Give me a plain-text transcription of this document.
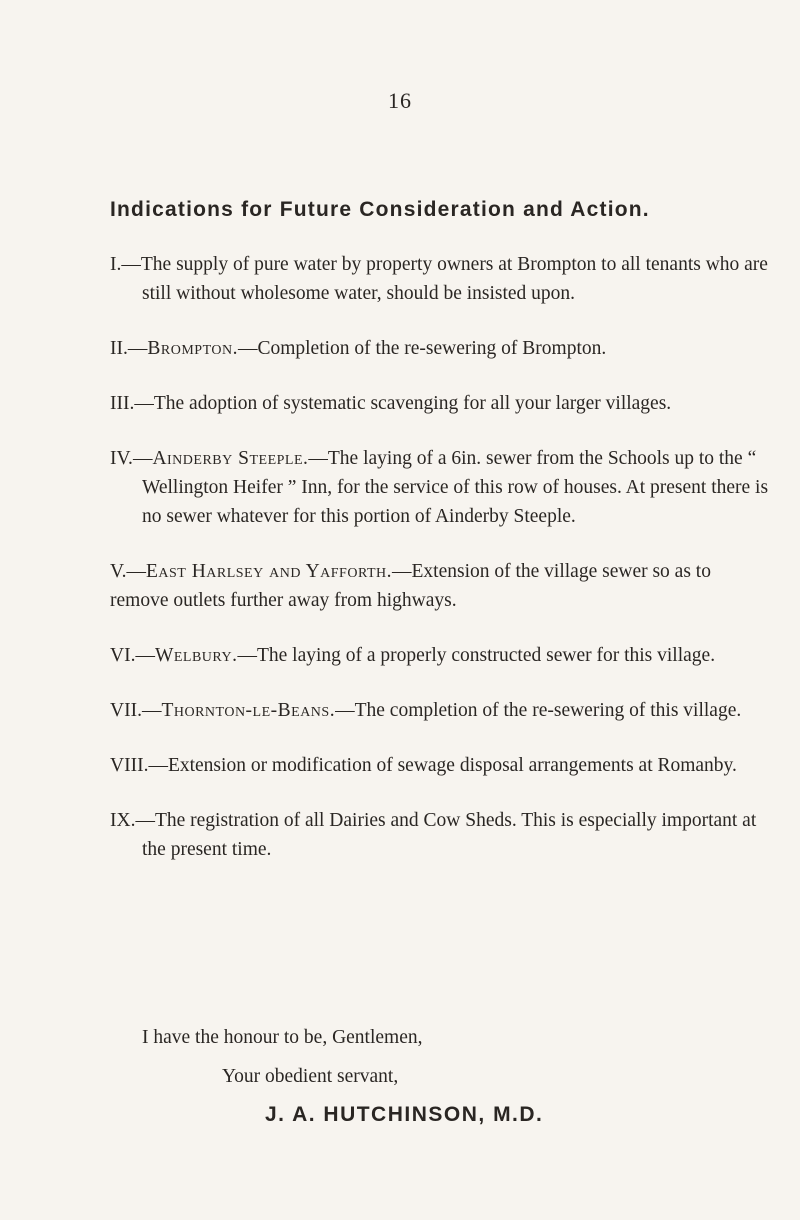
16
Indications for Future Consideration and Action.

I.—The supply of pure water by property owners at Brompton to all tenants who are still without wholesome water, should be insisted upon.

II.—Brompton.—Completion of the re-sewering of Brompton.

III.—The adoption of systematic scavenging for all your larger villages.

IV.—Ainderby Steeple.—The laying of a 6in. sewer from the Schools up to the “ Wellington Heifer ” Inn, for the service of this row of houses. At present there is no sewer whatever for this portion of Ainderby Steeple.

V.—East Harlsey and Yafforth.—Extension of the village sewer so as to remove outlets further away from highways.

VI.—Welbury.—The laying of a properly constructed sewer for this village.

VII.—Thornton-le-Beans.—The completion of the re-sewering of this village.

VIII.—Extension or modification of sewage disposal arrangements at Romanby.

IX.—The registration of all Dairies and Cow Sheds. This is especially important at the present time.

I have the honour to be, Gentlemen,
Your obedient servant,
J. A. HUTCHINSON, M.D.
